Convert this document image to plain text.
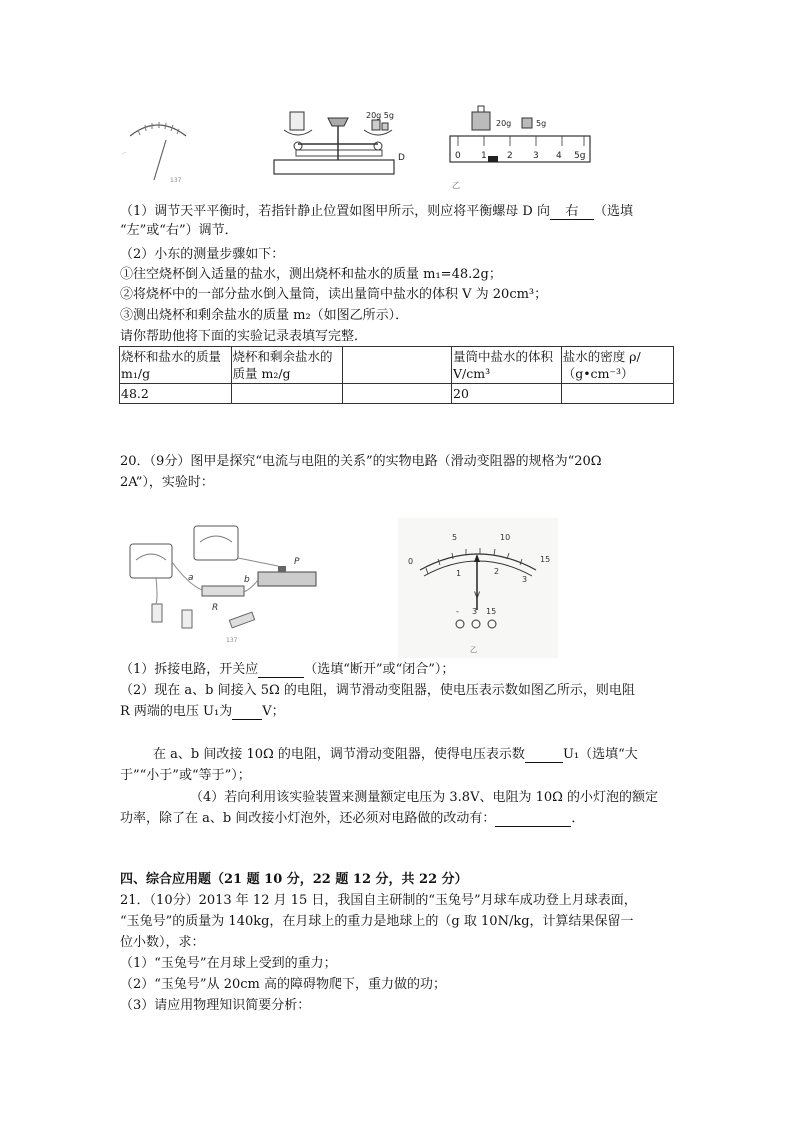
137
20g 5g
D
20g	5g
0 1 2 3 4 5g
乙
（1）调节天平平衡时，若指针静止位置如图甲所示，则应将平衡螺母 D 向 右 （选填
“左”或“右”）调节．
（2）小东的测量步骤如下：
①往空烧杯倒入适量的盐水，测出烧杯和盐水的质量 m₁=48.2g；
②将烧杯中的一部分盐水倒入量筒，读出量筒中盐水的体积 V 为 20cm³；
③测出烧杯和剩余盐水的质量 m₂（如图乙所示）．
请你帮助他将下面的实验记录表填写完整．
烧杯和盐水的质量 m₁/g	烧杯和剩余盐水的质量 m₂/g		量筒中盐水的体积 V/cm³	盐水的密度 ρ/（g•cm⁻³）
48.2			20	
20．（9分）图甲是探究“电流与电阻的关系”的实物电路（滑动变阻器的规格为“20Ω
2A”），实验时：
a	b
R
P
137
0
5	10
15
1	2
3
V
- 3 15
乙
（1）拆接电路，开关应	（选填“断开”或“闭合”）；
（2）现在 a、b 间接入 5Ω 的电阻，调节滑动变阻器，使电压表示数如图乙所示，则电阻
R 两端的电压 U₁为 V；
在 a、b 间改接 10Ω 的电阻，调节滑动变阻器，使得电压表示数	U₁（选填“大
于”“小于”或“等于”）；
（4）若向利用该实验装置来测量额定电压为 3.8V、电阻为 10Ω 的小灯泡的额定
功率，除了在 a、b 间改接小灯泡外，还必须对电路做的改动有：	．
四、综合应用题（21 题 10 分，22 题 12 分，共 22 分）
21．（10分）2013 年 12 月 15 日，我国自主研制的“玉兔号”月球车成功登上月球表面，
“玉兔号”的质量为 140kg，在月球上的重力是地球上的（g 取 10N/kg，计算结果保留一
位小数），求：
（1）“玉兔号”在月球上受到的重力；
（2）“玉兔号”从 20cm 高的障碍物爬下，重力做的功；
（3）请应用物理知识简要分析：
